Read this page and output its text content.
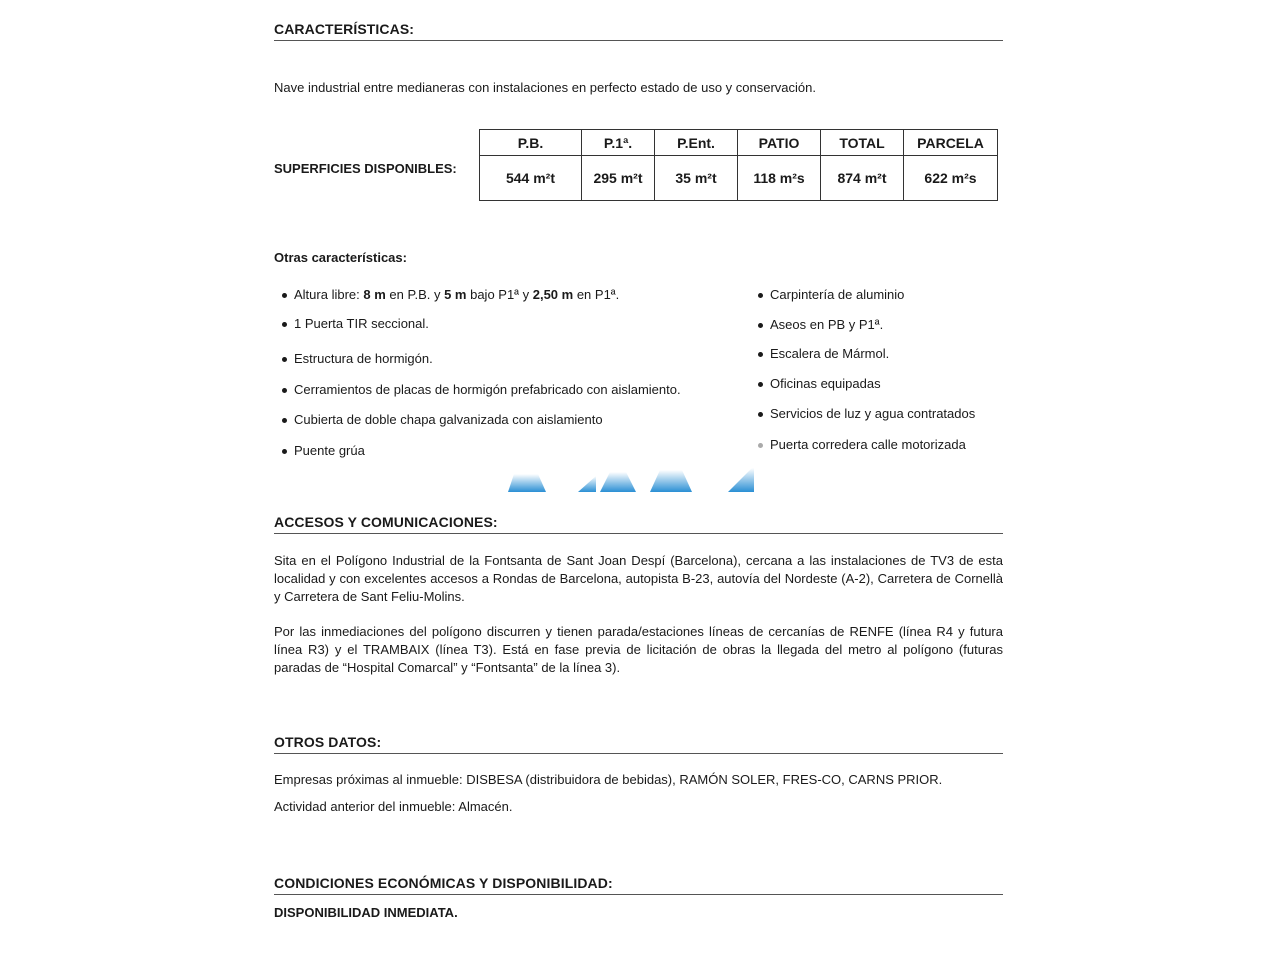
CARACTERÍSTICAS:
Nave industrial entre medianeras con instalaciones en perfecto estado de uso y conservación.
SUPERFICIES DISPONIBLES:
P.B.	P.1ª.	P.Ent.	PATIO	TOTAL	PARCELA
544 m²t	295 m²t	35 m²t	118 m²s	874 m²t	622 m²s
Otras características:
Altura libre: 8 m en P.B. y 5 m bajo P1ª y 2,50 m en P1ª.
1 Puerta TIR seccional.
Estructura de hormigón.
Cerramientos de placas de hormigón prefabricado con aislamiento.
Cubierta de doble chapa galvanizada con aislamiento
Puente grúa
Carpintería de aluminio
Aseos en PB y P1ª.
Escalera de Mármol.
Oficinas equipadas
Servicios de luz y agua contratados
Puerta corredera calle motorizada
ACCESOS Y COMUNICACIONES:
Sita en el Polígono Industrial de la Fontsanta de Sant Joan Despí (Barcelona), cercana a las instalaciones de TV3 de esta localidad y con excelentes accesos a Rondas de Barcelona, autopista B-23, autovía del Nordeste (A-2), Carretera de Cornellà y Carretera de Sant Feliu-Molins.
Por las inmediaciones del polígono discurren y tienen parada/estaciones líneas de cercanías de RENFE (línea R4 y futura línea R3) y el TRAMBAIX (línea T3). Está en fase previa de licitación de obras la llegada del metro al polígono (futuras paradas de “Hospital Comarcal” y “Fontsanta” de la línea 3).
OTROS DATOS:
Empresas próximas al inmueble: DISBESA (distribuidora de bebidas), RAMÓN SOLER, FRES-CO, CARNS PRIOR.
Actividad anterior del inmueble: Almacén.
CONDICIONES ECONÓMICAS Y DISPONIBILIDAD:
DISPONIBILIDAD INMEDIATA.
